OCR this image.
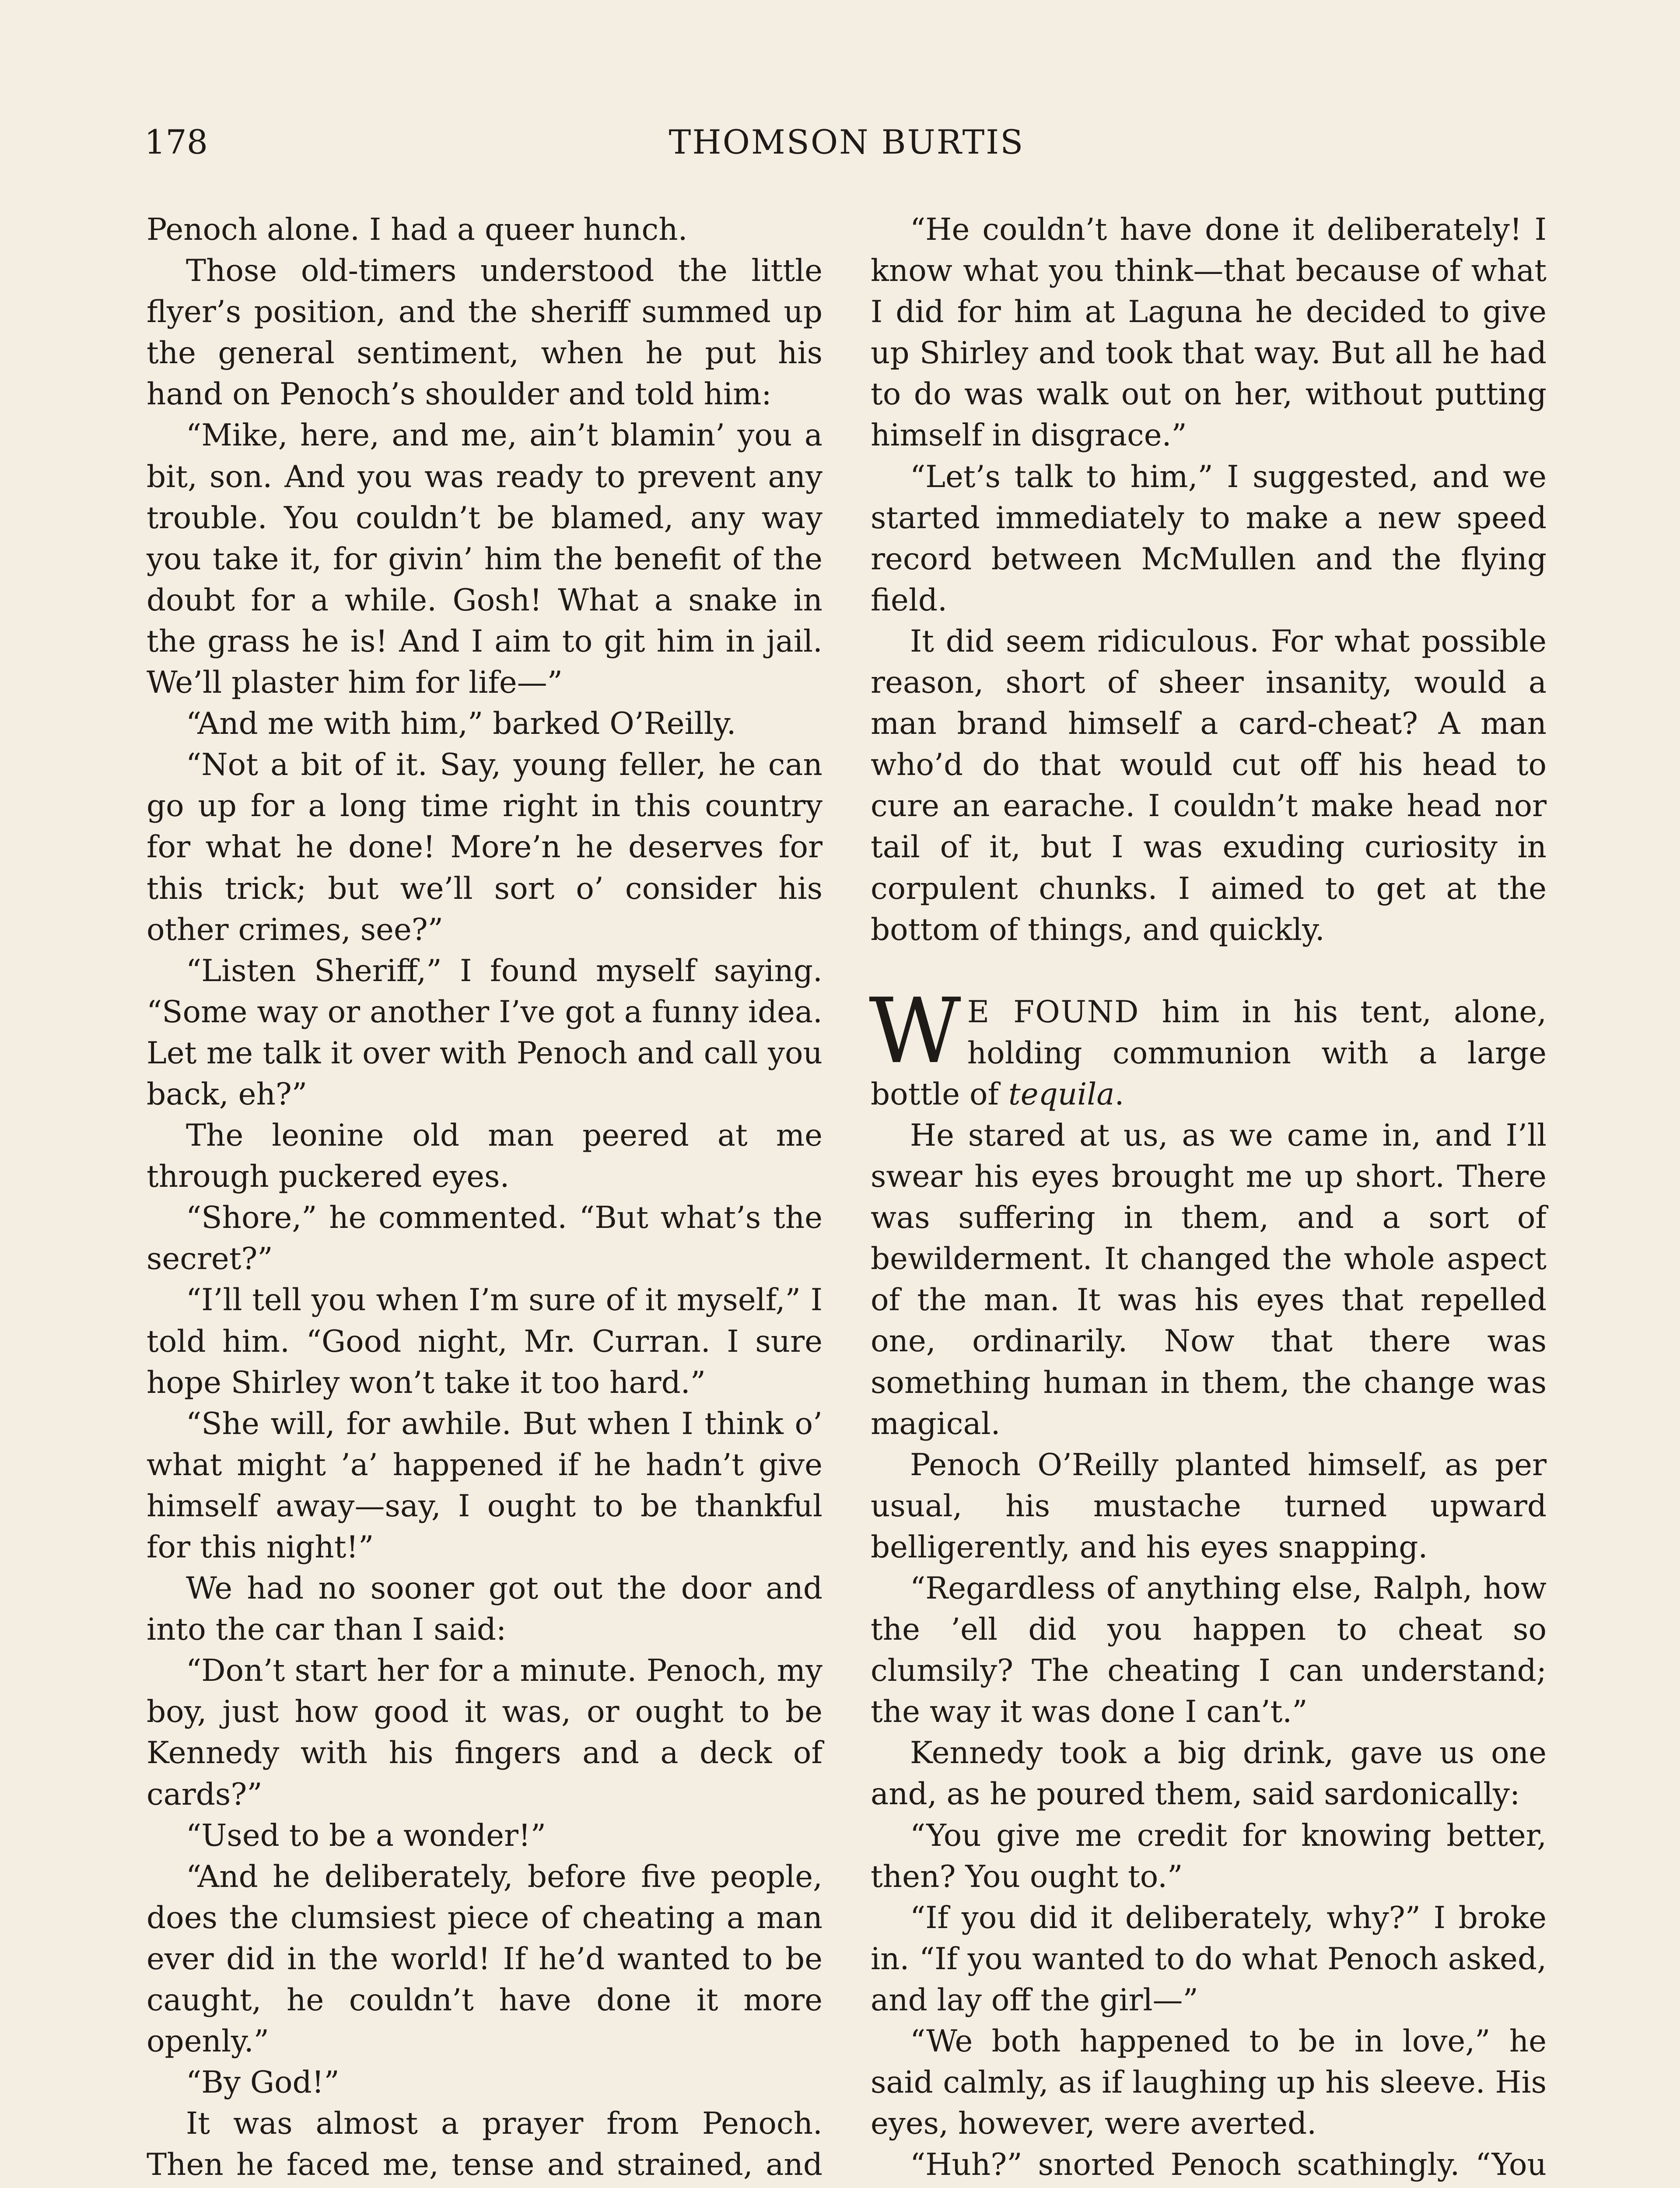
178	THOMSON BURTIS

Penoch alone. I had a queer hunch.

Those old-timers understood the little flyer’s position, and the sheriff summed up the general sentiment, when he put his hand on Penoch’s shoulder and told him:

“Mike, here, and me, ain’t blamin’ you a bit, son. And you was ready to prevent any trouble. You couldn’t be blamed, any way you take it, for givin’ him the benefit of the doubt for a while. Gosh! What a snake in the grass he is! And I aim to git him in jail. We’ll plaster him for life—”

“And me with him,” barked O’Reilly.

“Not a bit of it. Say, young feller, he can go up for a long time right in this country for what he done! More’n he deserves for this trick; but we’ll sort o’ consider his other crimes, see?”

“Listen Sheriff,” I found myself saying. “Some way or another I’ve got a funny idea. Let me talk it over with Penoch and call you back, eh?”

The leonine old man peered at me through puckered eyes.

“Shore,” he commented. “But what’s the secret?”

“I’ll tell you when I’m sure of it myself,” I told him. “Good night, Mr. Curran. I sure hope Shirley won’t take it too hard.”

“She will, for awhile. But when I think o’ what might ’a’ happened if he hadn’t give himself away—say, I ought to be thankful for this night!”

We had no sooner got out the door and into the car than I said:

“Don’t start her for a minute. Penoch, my boy, just how good it was, or ought to be Kennedy with his fingers and a deck of cards?”

“Used to be a wonder!”

“And he deliberately, before five people, does the clumsiest piece of cheating a man ever did in the world! If he’d wanted to be caught, he couldn’t have done it more openly.”

“By God!”

It was almost a prayer from Penoch. Then he faced me, tense and strained, and

“He couldn’t have done it deliberately! I know what you think—that because of what I did for him at Laguna he decided to give up Shirley and took that way. But all he had to do was walk out on her, without putting himself in disgrace.”

“Let’s talk to him,” I suggested, and we started immediately to make a new speed record between McMullen and the flying field.

It did seem ridiculous. For what possible reason, short of sheer insanity, would a man brand himself a card-cheat? A man who’d do that would cut off his head to cure an earache. I couldn’t make head nor tail of it, but I was exuding curiosity in corpulent chunks. I aimed to get at the bottom of things, and quickly.

W E FOUND him in his tent, alone, holding communion with a large bottle of tequila.

He stared at us, as we came in, and I’ll swear his eyes brought me up short. There was suffering in them, and a sort of bewilderment. It changed the whole aspect of the man. It was his eyes that repelled one, ordinarily. Now that there was something human in them, the change was magical.

Penoch O’Reilly planted himself, as per usual, his mustache turned upward belligerently, and his eyes snapping.

“Regardless of anything else, Ralph, how the ’ell did you happen to cheat so clumsily? The cheating I can understand; the way it was done I can’t.”

Kennedy took a big drink, gave us one and, as he poured them, said sardonically:

“You give me credit for knowing better, then? You ought to.”

“If you did it deliberately, why?” I broke in. “If you wanted to do what Penoch asked, and lay off the girl—”

“We both happened to be in love,” he said calmly, as if laughing up his sleeve. His eyes, however, were averted.

“Huh?” snorted Penoch scathingly. “You
